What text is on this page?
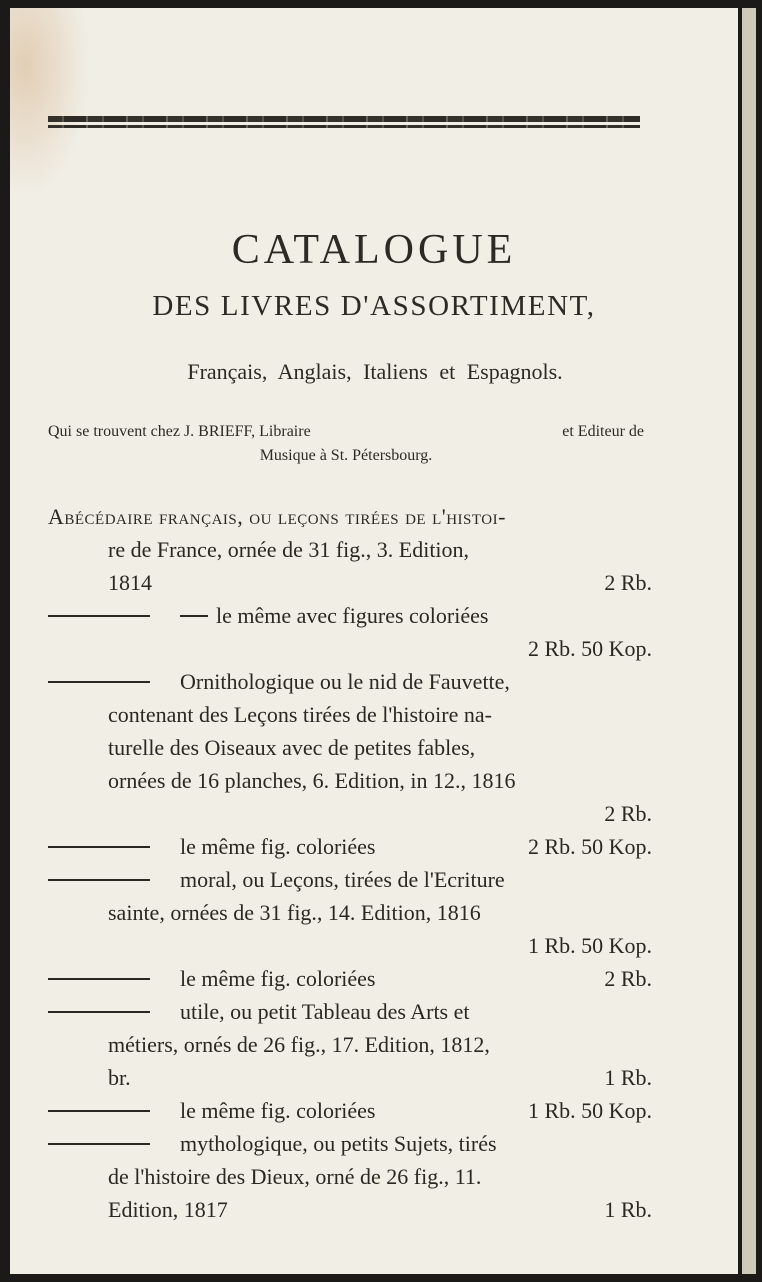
CATALOGUE
DES LIVRES D'ASSORTIMENT,
Français, Anglais, Italiens et Espagnols.
Qui se trouvent chez J. BRIEFF, Libraire	et Editeur de
Musique à St. Pétersbourg.
Abécédaire français, ou leçons tirées de l'histoi-
re de France, ornée de 31 fig., 3. Edition,
1814	2 Rb.
le même avec figures coloriées
2 Rb. 50 Kop.
Ornithologique ou le nid de Fauvette,
contenant des Leçons tirées de l'histoire na-
turelle des Oiseaux avec de petites fables,
ornées de 16 planches, 6. Edition, in 12., 1816
2 Rb.
le même fig. coloriées	2 Rb. 50 Kop.
moral, ou Leçons, tirées de l'Ecriture
sainte, ornées de 31 fig., 14. Edition, 1816
1 Rb. 50 Kop.
le même fig. coloriées	2 Rb.
utile, ou petit Tableau des Arts et
métiers, ornés de 26 fig., 17. Edition, 1812,
br.	1 Rb.
le même fig. coloriées	1 Rb. 50 Kop.
mythologique, ou petits Sujets, tirés
de l'histoire des Dieux, orné de 26 fig., 11.
Edition, 1817	1 Rb.
